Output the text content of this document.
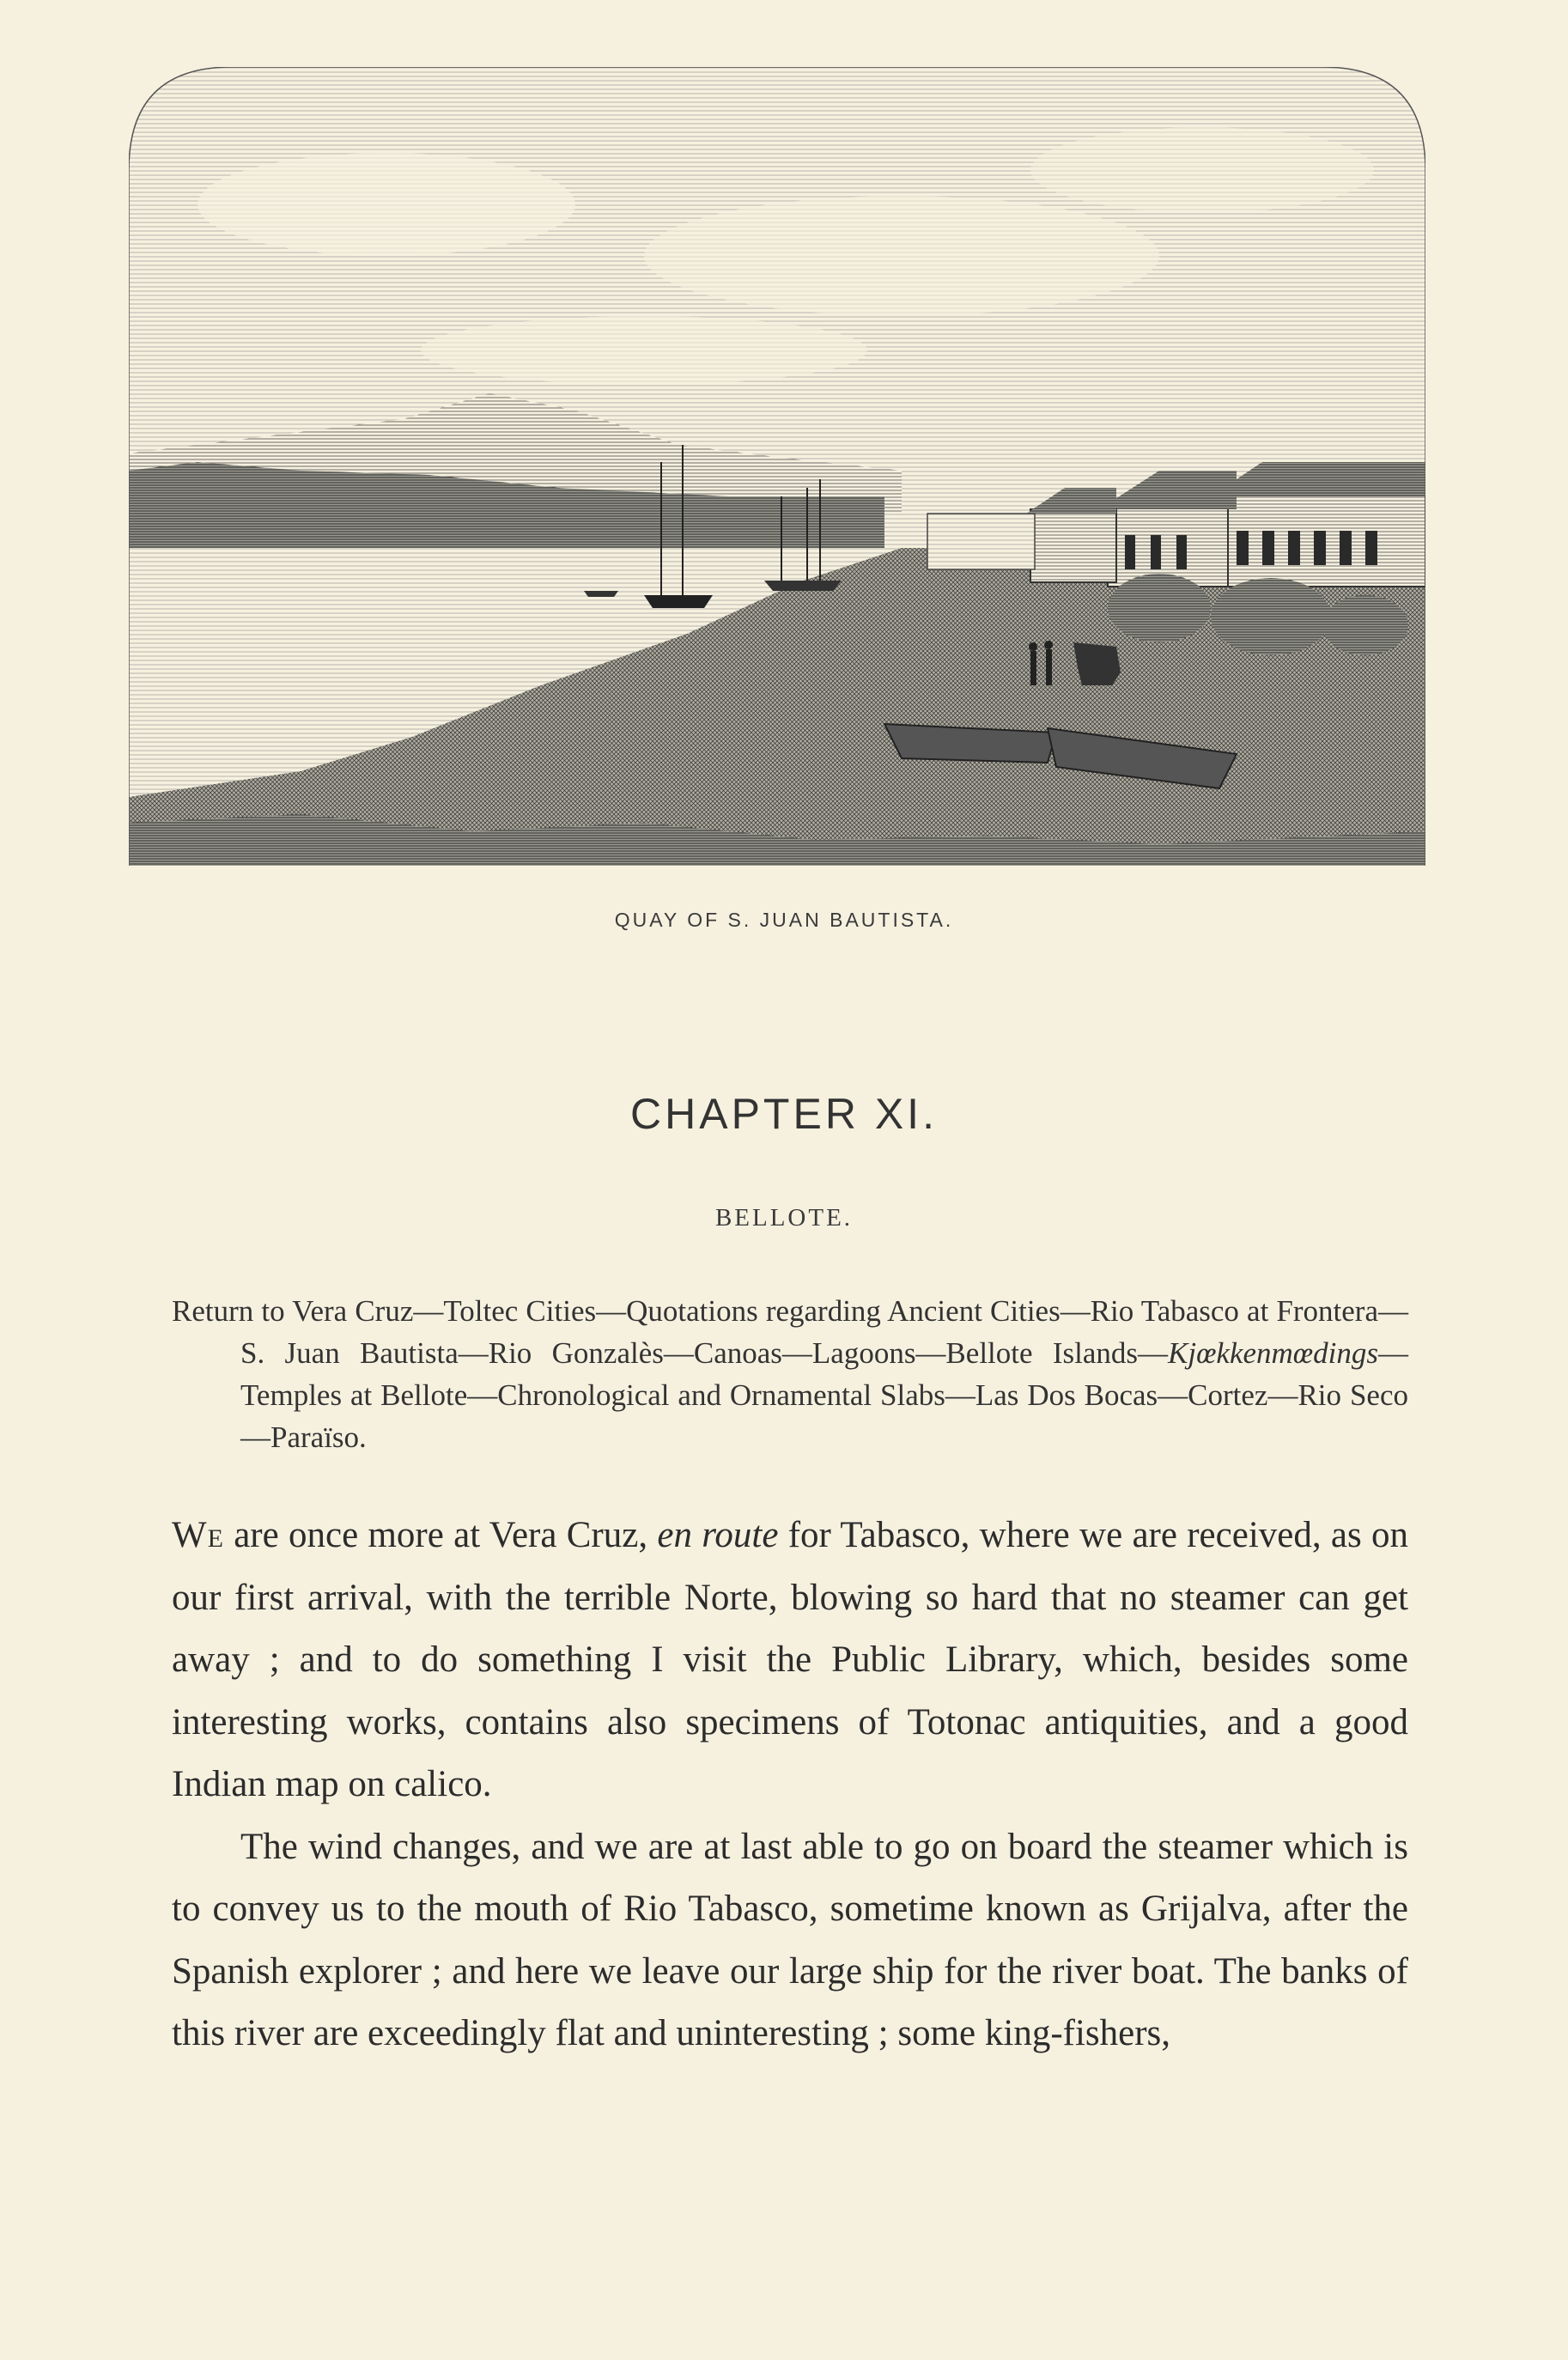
QUAY OF S. JUAN BAUTISTA.
CHAPTER XI.
BELLOTE.
Return to Vera Cruz—Toltec Cities—Quotations regarding Ancient Cities—Rio Tabasco at Frontera—S. Juan Bautista—Rio Gonzalès—Canoas—Lagoons—Bellote Islands—Kjœkkenmœdings—Temples at Bellote—Chronological and Ornamental Slabs—Las Dos Bocas—Cortez—Rio Seco—Paraïso.

We are once more at Vera Cruz, en route for Tabasco, where we are received, as on our first arrival, with the terrible Norte, blowing so hard that no steamer can get away ; and to do something I visit the Public Library, which, besides some interesting works, contains also specimens of Totonac antiquities, and a good Indian map on calico.

The wind changes, and we are at last able to go on board the steamer which is to convey us to the mouth of Rio Tabasco, sometime known as Grijalva, after the Spanish explorer ; and here we leave our large ship for the river boat. The banks of this river are exceedingly flat and uninteresting ; some king-fishers,
